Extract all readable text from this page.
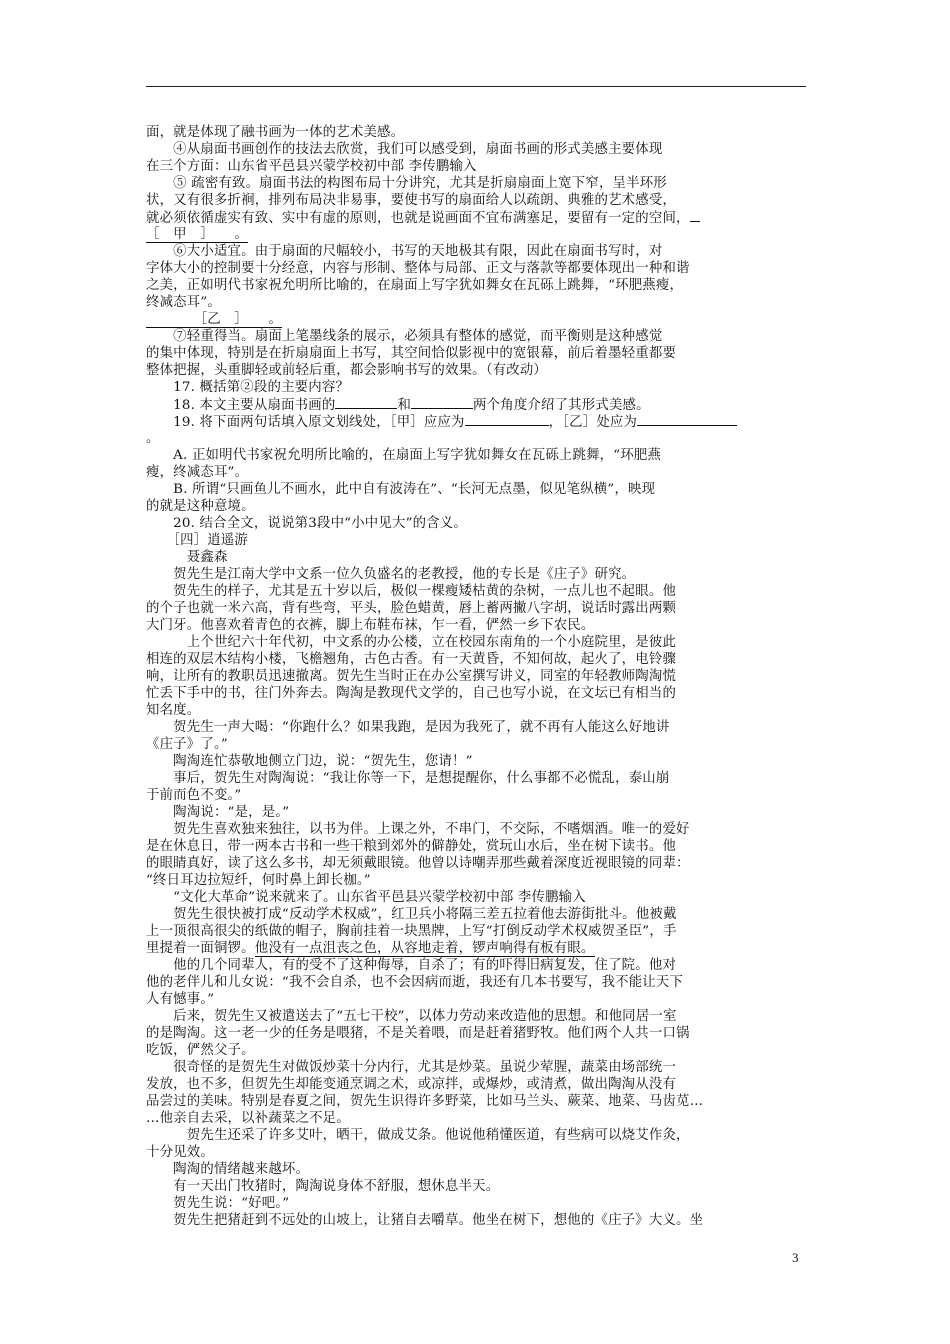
面，就是体现了融书画为一体的艺术美感。
　　④从扇面书画创作的技法去欣赏，我们可以感受到，扇面书画的形式美感主要体现
在三个方面：山东省平邑县兴蒙学校初中部 李传鹏输入
　　⑤ 疏密有致。扇面书法的构图布局十分讲究，尤其是折扇扇面上宽下窄，呈半环形
状，又有很多折裥，排列布局决非易事，要使书写的扇面给人以疏朗、典雅的艺术感受，
就必须依循虚实有致、实中有虚的原则，也就是说画面不宜布满塞足，要留有一定的空间，
［　甲　］　　。
　　⑥大小适宜。由于扇面的尺幅较小，书写的天地极其有限，因此在扇面书写时，对
字体大小的控制要十分经意，内容与形制、整体与局部、正文与落款等都要体现出一种和谐
之美，正如明代书家祝允明所比喻的，在扇面上写字犹如舞女在瓦砾上跳舞，“环肥燕瘦，
终减态耳”。
　　　　［乙　］　　。
　　⑦轻重得当。扇面上笔墨线条的展示，必须具有整体的感觉，而平衡则是这种感觉
的集中体现，特别是在折扇扇面上书写，其空间恰似影视中的宽银幕，前后着墨轻重都要
整体把握，头重脚轻或前轻后重，都会影响书写的效果。（有改动）
　　17. 概括第②段的主要内容？
　　18. 本文主要从扇面书画的	和	两个角度介绍了其形式美感。
　　19. 将下面两句话填入原文划线处，［甲］应应为	，［乙］处应为
。
　　A. 正如明代书家祝允明所比喻的，在扇面上写字犹如舞女在瓦砾上跳舞，“环肥燕
瘦，终减态耳”。
　　B. 所谓“只画鱼儿不画水，此中自有波涛在”、“长河无点墨，似见笔纵横”，映现
的就是这种意境。
　　20. 结合全文，说说第3段中“小中见大”的含义。
　　［四］逍遥游
　　　聂鑫森
　　贺先生是江南大学中文系一位久负盛名的老教授，他的专长是《庄子》研究。
　　贺先生的样子，尤其是五十岁以后，极似一棵瘦矮枯黄的杂树，一点儿也不起眼。他
的个子也就一米六高，背有些弯，平头，脸色蜡黄，唇上蓄两撇八字胡，说话时露出两颗
大门牙。他喜欢着青色的衣裤，脚上布鞋布袜，乍一看，俨然一乡下农民。
　　　上个世纪六十年代初，中文系的办公楼，立在校园东南角的一个小庭院里，是彼此
相连的双层木结构小楼，飞檐翘角，古色古香。有一天黄昏，不知何故，起火了，电铃骤
响，让所有的教职员迅速撤离。贺先生当时正在办公室撰写讲义，同室的年轻教师陶淘慌
忙丢下手中的书，往门外奔去。陶淘是教现代文学的，自己也写小说，在文坛已有相当的
知名度。
　　贺先生一声大喝：“你跑什么？如果我跑，是因为我死了，就不再有人能这么好地讲
《庄子》了。”
　　陶淘连忙恭敬地侧立门边，说：“贺先生，您请！”
　　事后，贺先生对陶淘说：“我让你等一下，是想提醒你，什么事都不必慌乱，泰山崩
于前而色不变。”
　　陶淘说：“是，是。”
　　贺先生喜欢独来独往，以书为伴。上课之外，不串门，不交际，不嗜烟酒。唯一的爱好
是在休息日，带一两本古书和一些干粮到郊外的僻静处，赏玩山水后，坐在树下读书。他
的眼睛真好，读了这么多书，却无须戴眼镜。他曾以诗嘲弄那些戴着深度近视眼镜的同辈：
“终日耳边拉短纤，何时鼻上卸长枷。”
　　“文化大革命”说来就来了。山东省平邑县兴蒙学校初中部 李传鹏输入
　　贺先生很快被打成“反动学术权威”，红卫兵小将隔三差五拉着他去游街批斗。他被戴
上一顶很高很尖的纸做的帽子，胸前挂着一块黑牌，上写“打倒反动学术权威贺圣臣”，手
里提着一面铜锣。他没有一点沮丧之色，从容地走着，锣声响得有板有眼。
　　他的几个同辈人，有的受不了这种侮辱，自杀了；有的吓得旧病复发，住了院。他对
他的老伴儿和儿女说：“我不会自杀，也不会因病而逝，我还有几本书要写，我不能让天下
人有憾事。”
　　后来，贺先生又被遣送去了“五七干校”，以体力劳动来改造他的思想。和他同居一室
的是陶淘。这一老一少的任务是喂猪，不是关着喂，而是赶着猪野牧。他们两个人共一口锅
吃饭，俨然父子。
　　很奇怪的是贺先生对做饭炒菜十分内行，尤其是炒菜。虽说少荤腥，蔬菜由场部统一
发放，也不多，但贺先生却能变通烹调之术，或凉拌，或爆炒，或清煮，做出陶淘从没有
品尝过的美味。特别是春夏之间，贺先生识得许多野菜，比如马兰头、蕨菜、地菜、马齿苋…
…他亲自去采，以补蔬菜之不足。
　　　贺先生还采了许多艾叶，晒干，做成艾条。他说他稍懂医道，有些病可以烧艾作灸，
十分见效。
　　陶淘的情绪越来越坏。
　　有一天出门牧猪时，陶淘说身体不舒服，想休息半天。
　　贺先生说：“好吧。”
　　贺先生把猪赶到不远处的山坡上，让猪自去嚼草。他坐在树下，想他的《庄子》大义。坐
3
